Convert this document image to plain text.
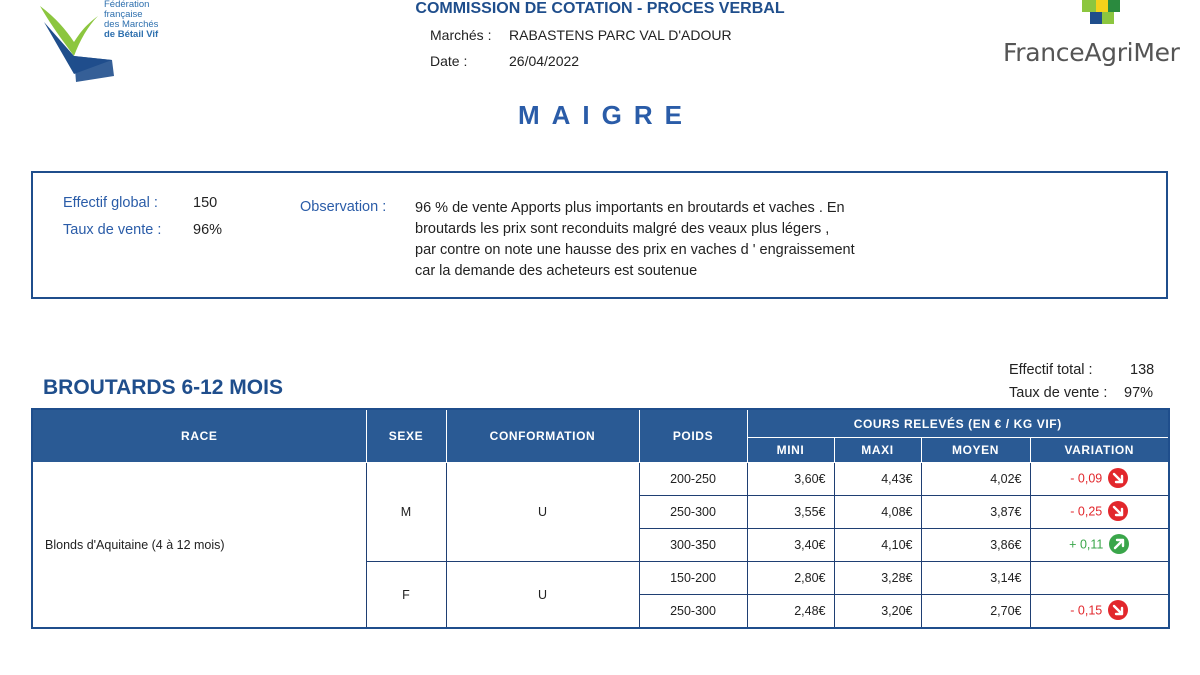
Fédération
française
des Marchés
de Bétail Vif
COMMISSION DE COTATION - PROCES VERBAL
Marchés : RABASTENS PARC VAL D'ADOUR
Date :	26/04/2022	FranceAgriMer
MAIGRE
Effectif global : 150
Taux de vente : 96%
Observation : 96 % de vente Apports plus importants en broutards et vaches . En
broutards les prix sont reconduits malgré des veaux plus légers ,
par contre on note une hausse des prix en vaches d ' engraissement
car la demande des acheteurs est soutenue
BROUTARDS 6-12 MOIS
Effectif total :	138
Taux de vente : 97%
RACE	SEXE	CONFORMATION	POIDS	COURS RELEVÉS (EN € / KG VIF)			
				MINI	MAXI	MOYEN	VARIATION
Blonds d'Aquitaine (4 à 12 mois)	M	U	200-250	3,60€	4,43€	4,02€	- 0,09

			250-300	3,55€	4,08€	3,87€	- 0,25

			300-350	3,40€	4,10€	3,86€	+ 0,11

	F	U	150-200	2,80€	3,28€	3,14€	
			250-300	2,48€	3,20€	2,70€	- 0,15
